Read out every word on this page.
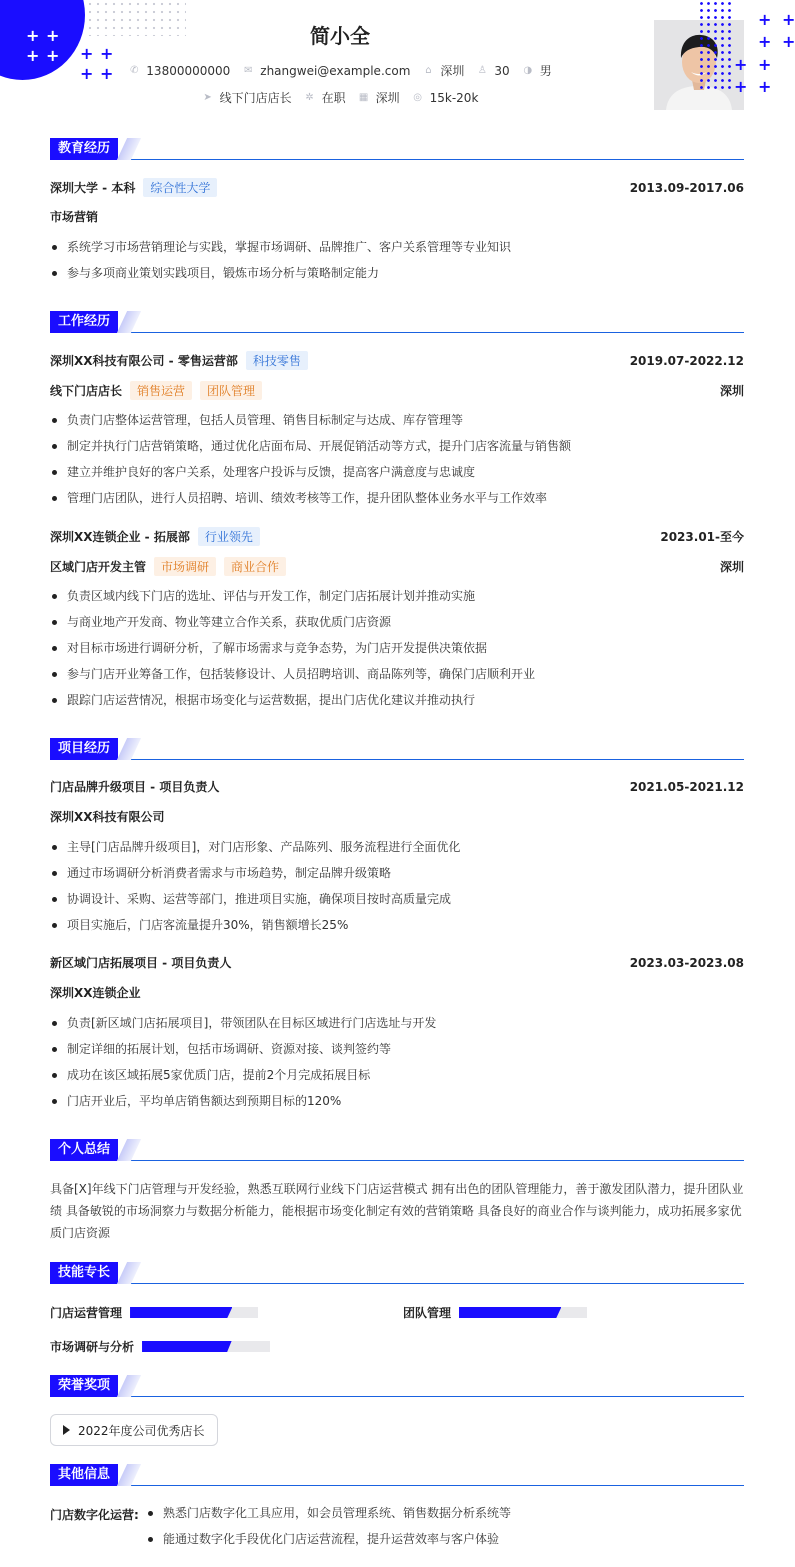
+ +
+ + + +
+ +
简小全
✆ 13800000000 ✉ zhangwei@example.com ⌂ 深圳 ♙ 30 ◑ 男
➤ 线下门店店长 ✲ 在职 ▦ 深圳 ◎ 15k-20k
+ +
+ +
+ +
+ +
教育经历
深圳大学 - 本科	综合性大学	2013.09-2017.06
市场营销
系统学习市场营销理论与实践，掌握市场调研、品牌推广、客户关系管理等专业知识
参与多项商业策划实践项目，锻炼市场分析与策略制定能力
工作经历
深圳XX科技有限公司 - 零售运营部	科技零售	2019.07-2022.12
线下门店店长	销售运营	团队管理	深圳
负责门店整体运营管理，包括人员管理、销售目标制定与达成、库存管理等
制定并执行门店营销策略，通过优化店面布局、开展促销活动等方式，提升门店客流量与销售额
建立并维护良好的客户关系，处理客户投诉与反馈，提高客户满意度与忠诚度
管理门店团队，进行人员招聘、培训、绩效考核等工作，提升团队整体业务水平与工作效率
深圳XX连锁企业 - 拓展部	行业领先	2023.01-至今
区域门店开发主管	市场调研	商业合作	深圳
负责区域内线下门店的选址、评估与开发工作，制定门店拓展计划并推动实施
与商业地产开发商、物业等建立合作关系，获取优质门店资源
对目标市场进行调研分析，了解市场需求与竞争态势，为门店开发提供决策依据
参与门店开业筹备工作，包括装修设计、人员招聘培训、商品陈列等，确保门店顺利开业
跟踪门店运营情况，根据市场变化与运营数据，提出门店优化建议并推动执行
项目经历
门店品牌升级项目 - 项目负责人	2021.05-2021.12
深圳XX科技有限公司
主导[门店品牌升级项目]，对门店形象、产品陈列、服务流程进行全面优化
通过市场调研分析消费者需求与市场趋势，制定品牌升级策略
协调设计、采购、运营等部门，推进项目实施，确保项目按时高质量完成
项目实施后，门店客流量提升30%，销售额增长25%
新区域门店拓展项目 - 项目负责人	2023.03-2023.08
深圳XX连锁企业
负责[新区域门店拓展项目]，带领团队在目标区域进行门店选址与开发
制定详细的拓展计划，包括市场调研、资源对接、谈判签约等
成功在该区域拓展5家优质门店，提前2个月完成拓展目标
门店开业后，平均单店销售额达到预期目标的120%
个人总结
具备[X]年线下门店管理与开发经验，熟悉互联网行业线下门店运营模式 拥有出色的团队管理能力，善于激发团队潜力，提升团队业绩 具备敏锐的市场洞察力与数据分析能力，能根据市场变化制定有效的营销策略 具备良好的商业合作与谈判能力，成功拓展多家优质门店资源
技能专长
门店运营管理	团队管理
市场调研与分析
荣誉奖项
2022年度公司优秀店长
其他信息
门店数字化运营:	熟悉门店数字化工具应用，如会员管理系统、销售数据分析系统等
能通过数字化手段优化门店运营流程，提升运营效率与客户体验
